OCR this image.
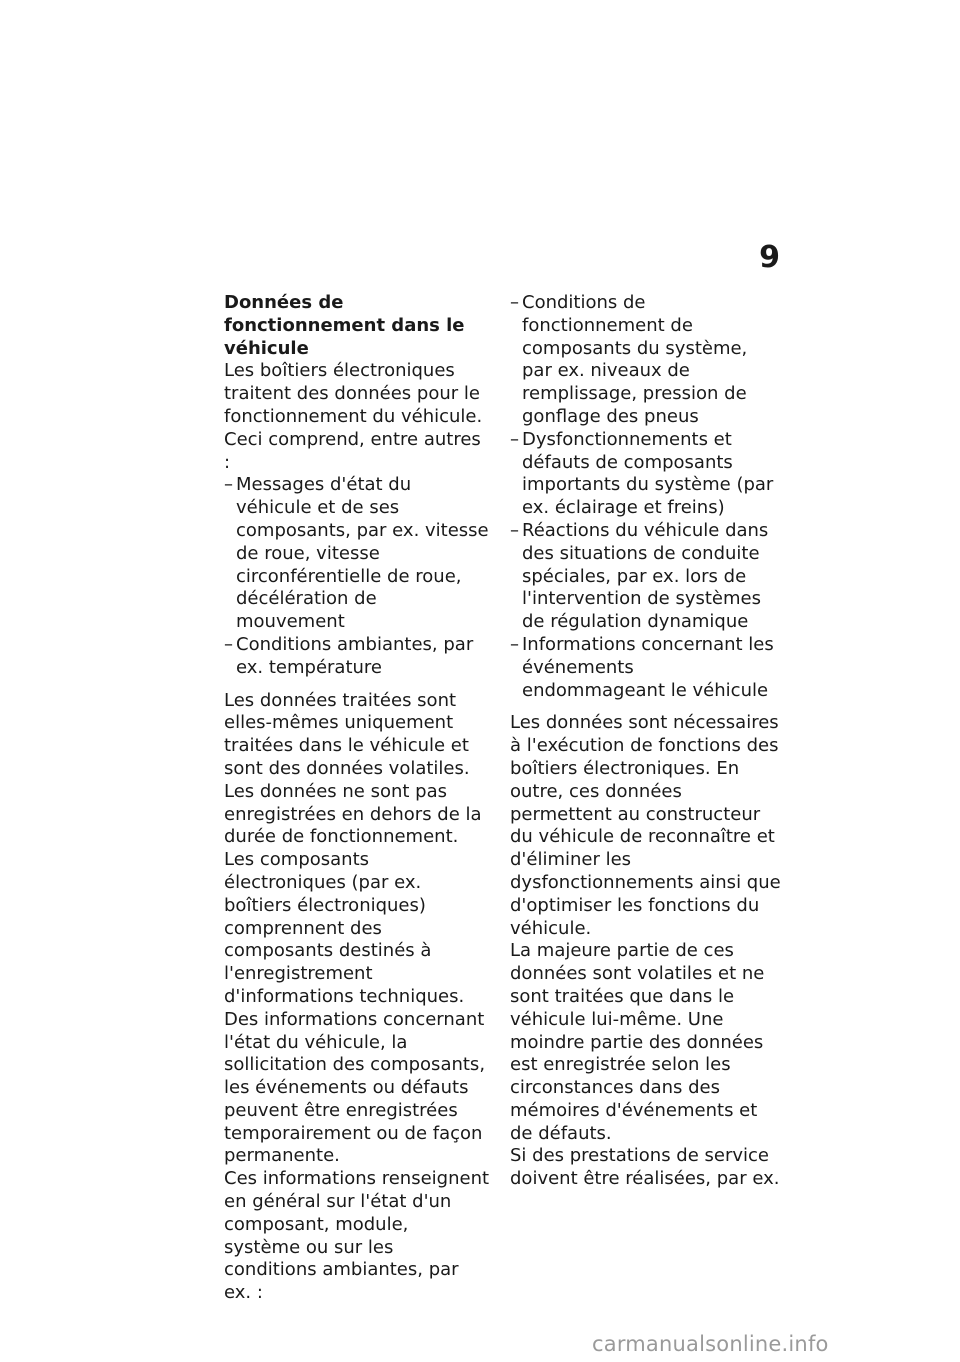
9

Données de fonctionnement dans le véhicule

Les boîtiers électroniques traitent des données pour le fonctionnement du véhicule.

Ceci comprend, entre autres :

–
Messages d'état du véhicule et de ses composants, par ex. vitesse de roue, vitesse circonférentielle de roue, décélération de mouvement
–
Conditions ambiantes, par ex. température

Les données traitées sont elles-mêmes uniquement traitées dans le véhicule et sont des données volatiles. Les données ne sont pas enregistrées en dehors de la durée de fonctionnement.

Les composants électroniques (par ex. boîtiers électroniques) comprennent des composants destinés à l'enregistrement d'informations techniques. Des informations concernant l'état du véhicule, la sollicitation des composants, les événements ou défauts peuvent être enregistrées temporairement ou de façon permanente.

Ces informations renseignent en général sur l'état d'un composant, module, système ou sur les conditions ambiantes, par ex. :

–
Conditions de fonctionnement de composants du système, par ex. niveaux de remplissage, pression de gonflage des pneus
–
Dysfonctionnements et défauts de composants importants du système (par ex. éclairage et freins)
–
Réactions du véhicule dans des situations de conduite spéciales, par ex. lors de l'intervention de systèmes de régulation dynamique
–
Informations concernant les événements endommageant le véhicule

Les données sont nécessaires à l'exécution de fonctions des boîtiers électroniques. En outre, ces données permettent au constructeur du véhicule de reconnaître et d'éliminer les dysfonctionnements ainsi que d'optimiser les fonctions du véhicule.

La majeure partie de ces données sont volatiles et ne sont traitées que dans le véhicule lui-même. Une moindre partie des données est enregistrée selon les circonstances dans des mémoires d'événements et de défauts.

Si des prestations de service doivent être réalisées, par ex.

carmanualsonline.info
